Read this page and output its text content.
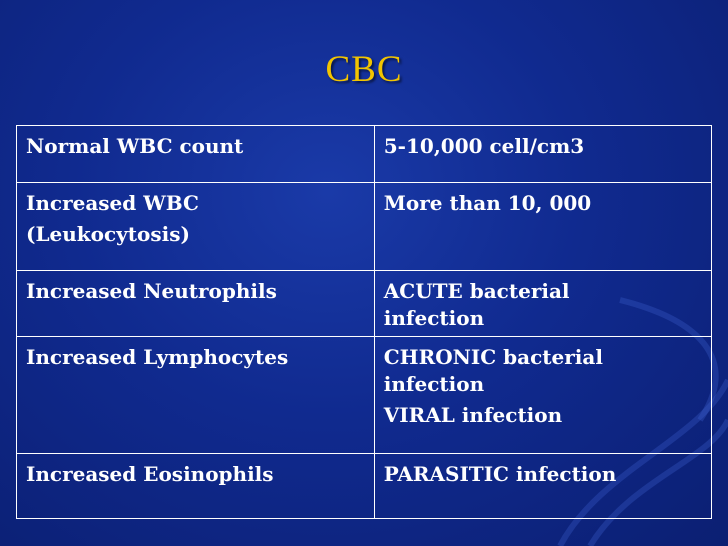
CBC
Normal WBC count	5-10,000 cell/cm3

Increased WBC
(Leukocytosis)	More than 10, 000

Increased Neutrophils	ACUTE bacterial
infection

Increased Lymphocytes	CHRONIC bacterial
infection
VIRAL infection

Increased Eosinophils	PARASITIC infection
